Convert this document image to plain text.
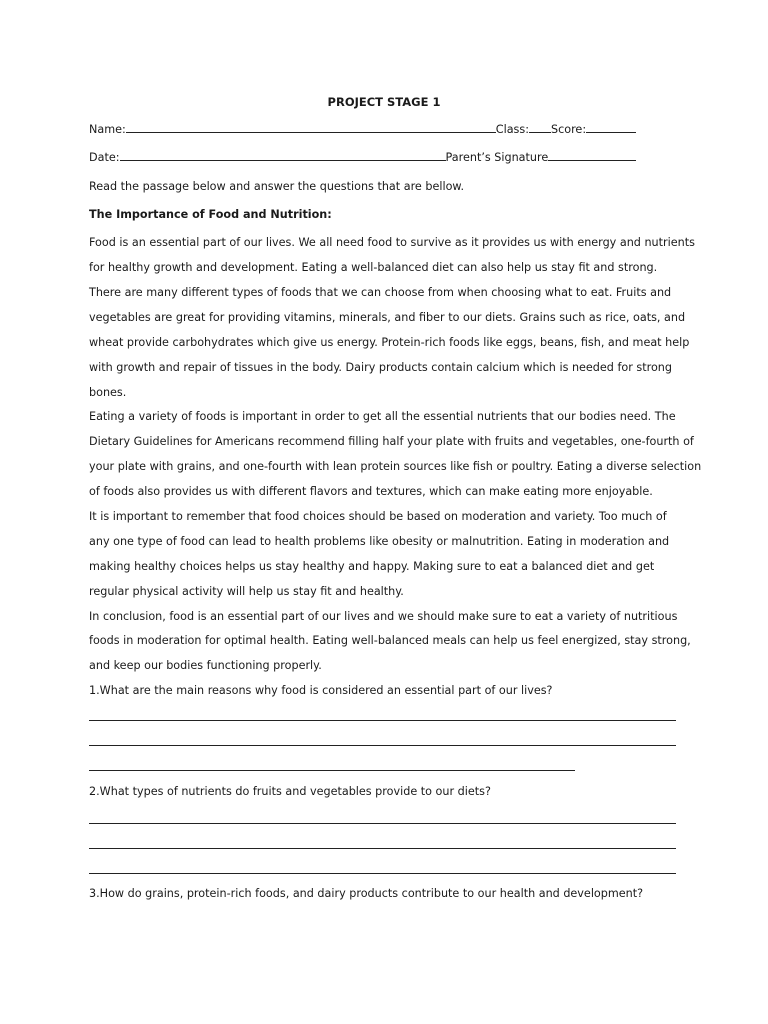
PROJECT STAGE 1
Name:	Class: Score:
Date:	Parent’s Signature
Read the passage below and answer the questions that are bellow.
The Importance of Food and Nutrition:
Food is an essential part of our lives. We all need food to survive as it provides us with energy and nutrients
for healthy growth and development. Eating a well-balanced diet can also help us stay fit and strong.
There are many different types of foods that we can choose from when choosing what to eat. Fruits and
vegetables are great for providing vitamins, minerals, and fiber to our diets. Grains such as rice, oats, and
wheat provide carbohydrates which give us energy. Protein-rich foods like eggs, beans, fish, and meat help
with growth and repair of tissues in the body. Dairy products contain calcium which is needed for strong
bones.
Eating a variety of foods is important in order to get all the essential nutrients that our bodies need. The
Dietary Guidelines for Americans recommend filling half your plate with fruits and vegetables, one-fourth of
your plate with grains, and one-fourth with lean protein sources like fish or poultry. Eating a diverse selection
of foods also provides us with different flavors and textures, which can make eating more enjoyable.
It is important to remember that food choices should be based on moderation and variety. Too much of
any one type of food can lead to health problems like obesity or malnutrition. Eating in moderation and
making healthy choices helps us stay healthy and happy. Making sure to eat a balanced diet and get
regular physical activity will help us stay fit and healthy.
In conclusion, food is an essential part of our lives and we should make sure to eat a variety of nutritious
foods in moderation for optimal health. Eating well-balanced meals can help us feel energized, stay strong,
and keep our bodies functioning properly.
1.What are the main reasons why food is considered an essential part of our lives?
2.What types of nutrients do fruits and vegetables provide to our diets?
3.How do grains, protein-rich foods, and dairy products contribute to our health and development?
